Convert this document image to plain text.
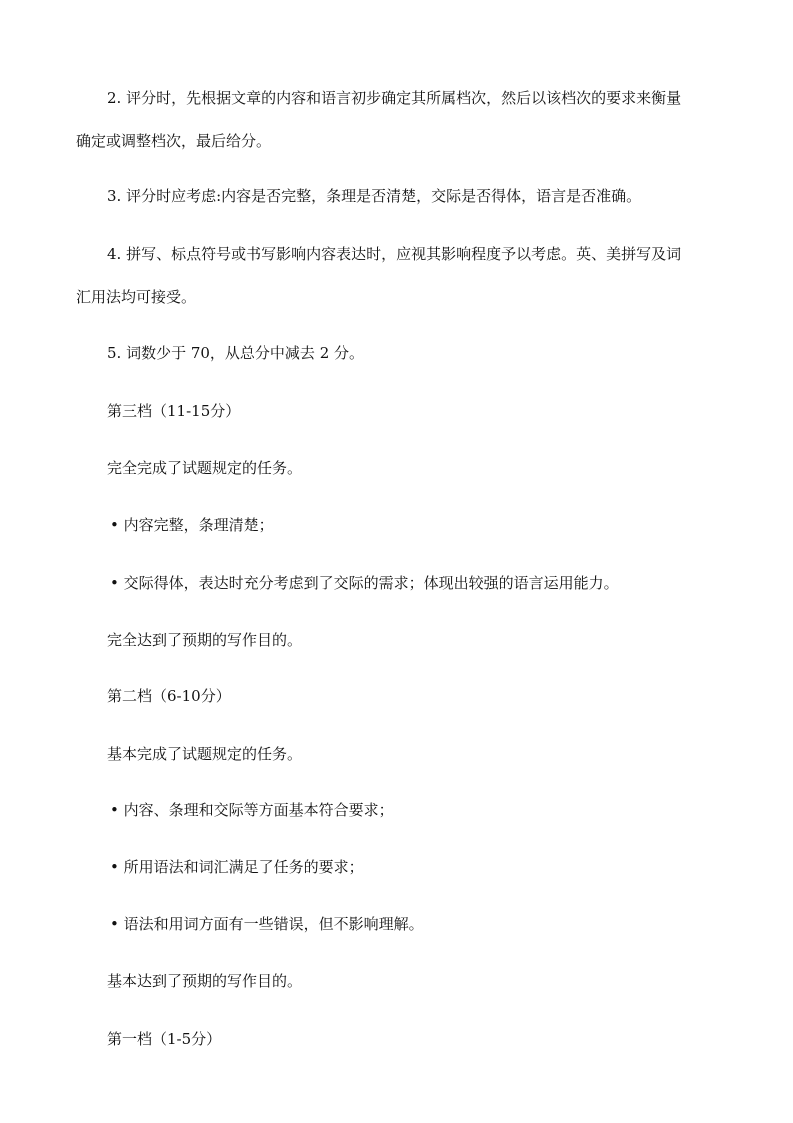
2. 评分时，先根据文章的内容和语言初步确定其所属档次，然后以该档次的要求来衡量
确定或调整档次，最后给分。
3. 评分时应考虑:内容是否完整，条理是否清楚，交际是否得体，语言是否准确。
4. 拼写、标点符号或书写影响内容表达时，应视其影响程度予以考虑。英、美拼写及词
汇用法均可接受。
5. 词数少于 70，从总分中减去 2 分。
第三档（11-15分）
完全完成了试题规定的任务。
• 内容完整，条理清楚；
• 交际得体，表达时充分考虑到了交际的需求；体现出较强的语言运用能力。
完全达到了预期的写作目的。
第二档（6-10分）
基本完成了试题规定的任务。
• 内容、条理和交际等方面基本符合要求；
• 所用语法和词汇满足了任务的要求；
• 语法和用词方面有一些错误，但不影响理解。
基本达到了预期的写作目的。
第一档（1-5分）
